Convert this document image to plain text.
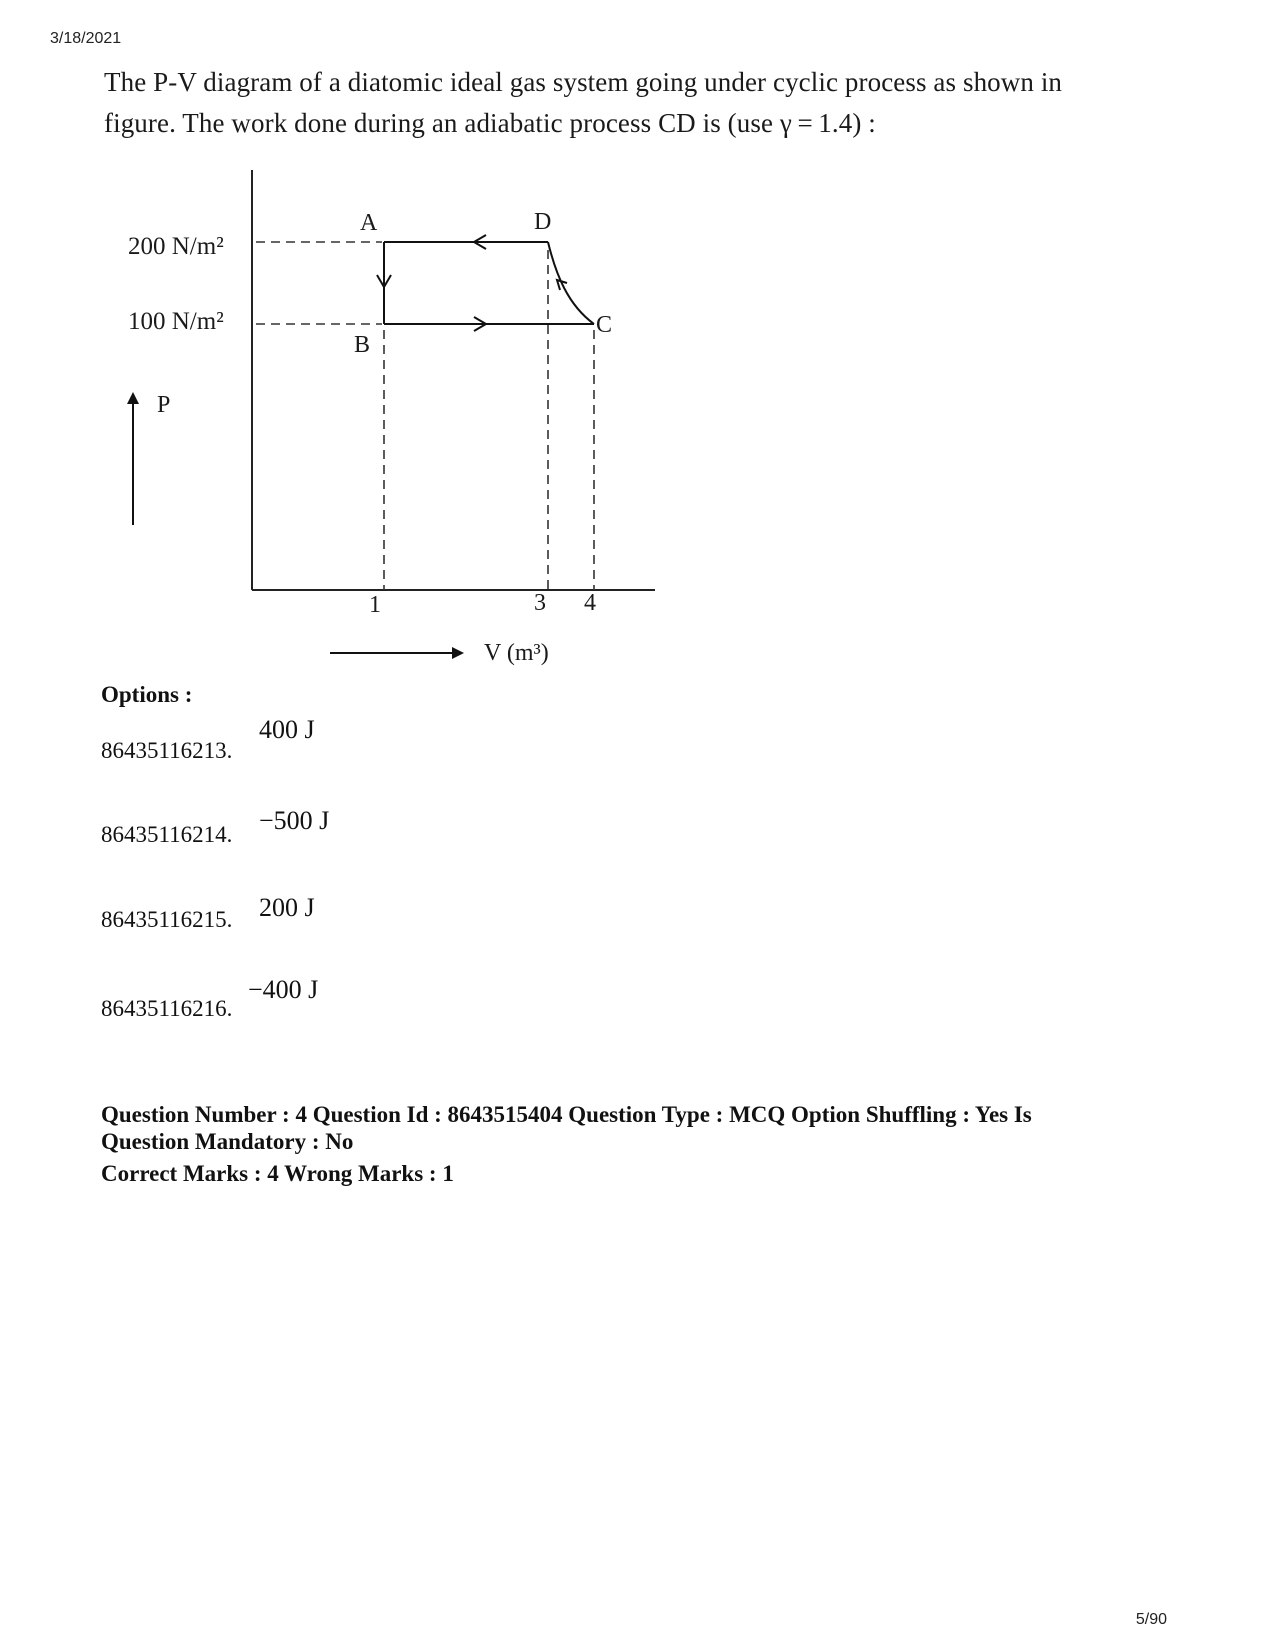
3/18/2021
The P-V diagram of a diatomic ideal gas system going under cyclic process as shown in
figure. The work done during an adiabatic process CD is (use γ = 1.4) :
200 N/m²
100 N/m²
A	D
B
C
P
1	3 4
V (m³)
Options :
86435116213.
400 J
86435116214. −500 J
86435116215. 200 J
86435116216.
−400 J
Question Number : 4 Question Id : 8643515404 Question Type : MCQ Option Shuffling : Yes Is
Question Mandatory : No
Correct Marks : 4 Wrong Marks : 1
5/90
